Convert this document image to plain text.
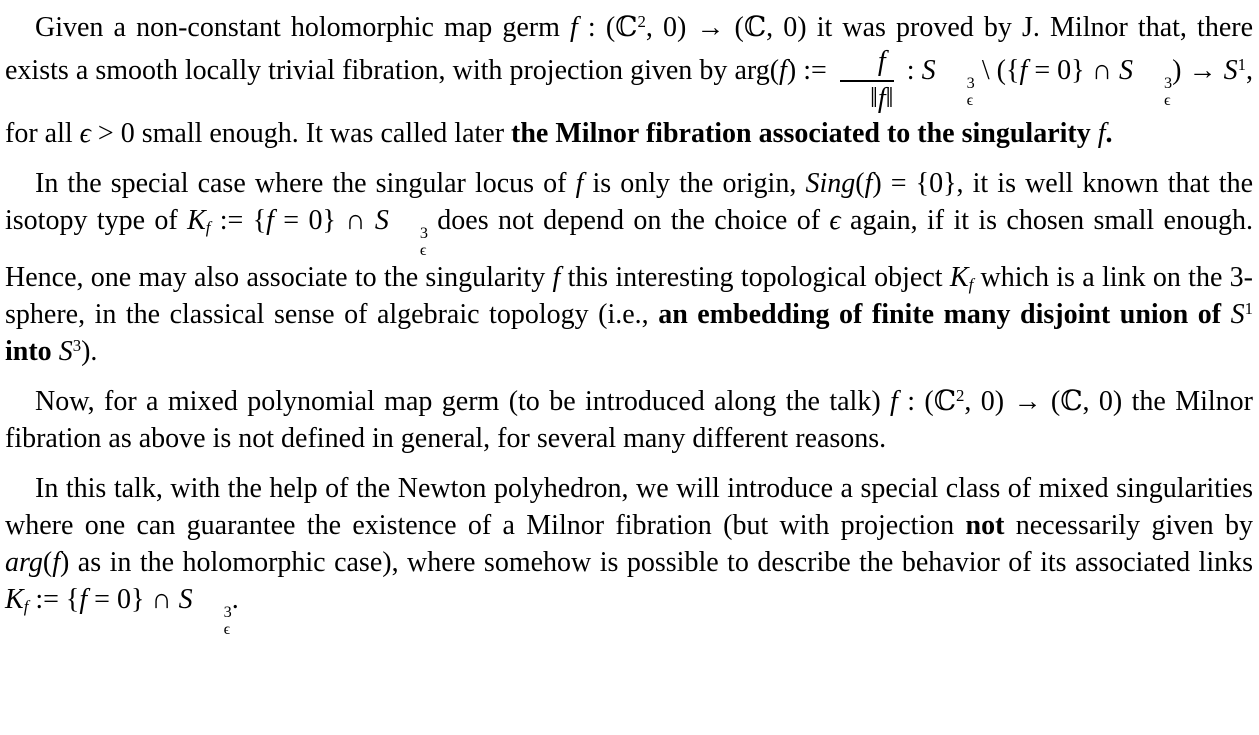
Given a non-constant holomorphic map germ f : (ℂ$^2$, 0) → (ℂ, 0) it was proved by J. Milnor that, there exists a smooth locally trivial fibration, with projection given by arg(f) := $\frac{f}{‖f‖}$ : S	3
ϵ
\ ({f = 0} ∩ S	3
ϵ
) → $S^1$, for all ϵ > 0 small enough. It was called later the Milnor fibration associated to the singularity f.

In the special case where the singular locus of f is only the origin, Sing(f) = {0}, it is well known that the isotopy type of $K_f$ := {f = 0} ∩ S	3
ϵ
does not depend on the choice of ϵ again, if it is chosen small enough. Hence, one may also associate to the singularity f this interesting topological object $K_f$ which is a link on the 3-sphere, in the classical sense of algebraic topology (i.e., an embedding of finite many disjoint union of $S^1$ into $S^3$).

Now, for a mixed polynomial map germ (to be introduced along the talk) f : (ℂ$^2$, 0) → (ℂ, 0) the Milnor fibration as above is not defined in general, for several many different reasons.

In this talk, with the help of the Newton polyhedron, we will introduce a special class of mixed singularities where one can guarantee the existence of a Milnor fibration (but with projection not necessarily given by arg(f) as in the holomorphic case), where somehow is possible to describe the behavior of its associated links $K_f$ := {f = 0} ∩ S	3
ϵ
.
